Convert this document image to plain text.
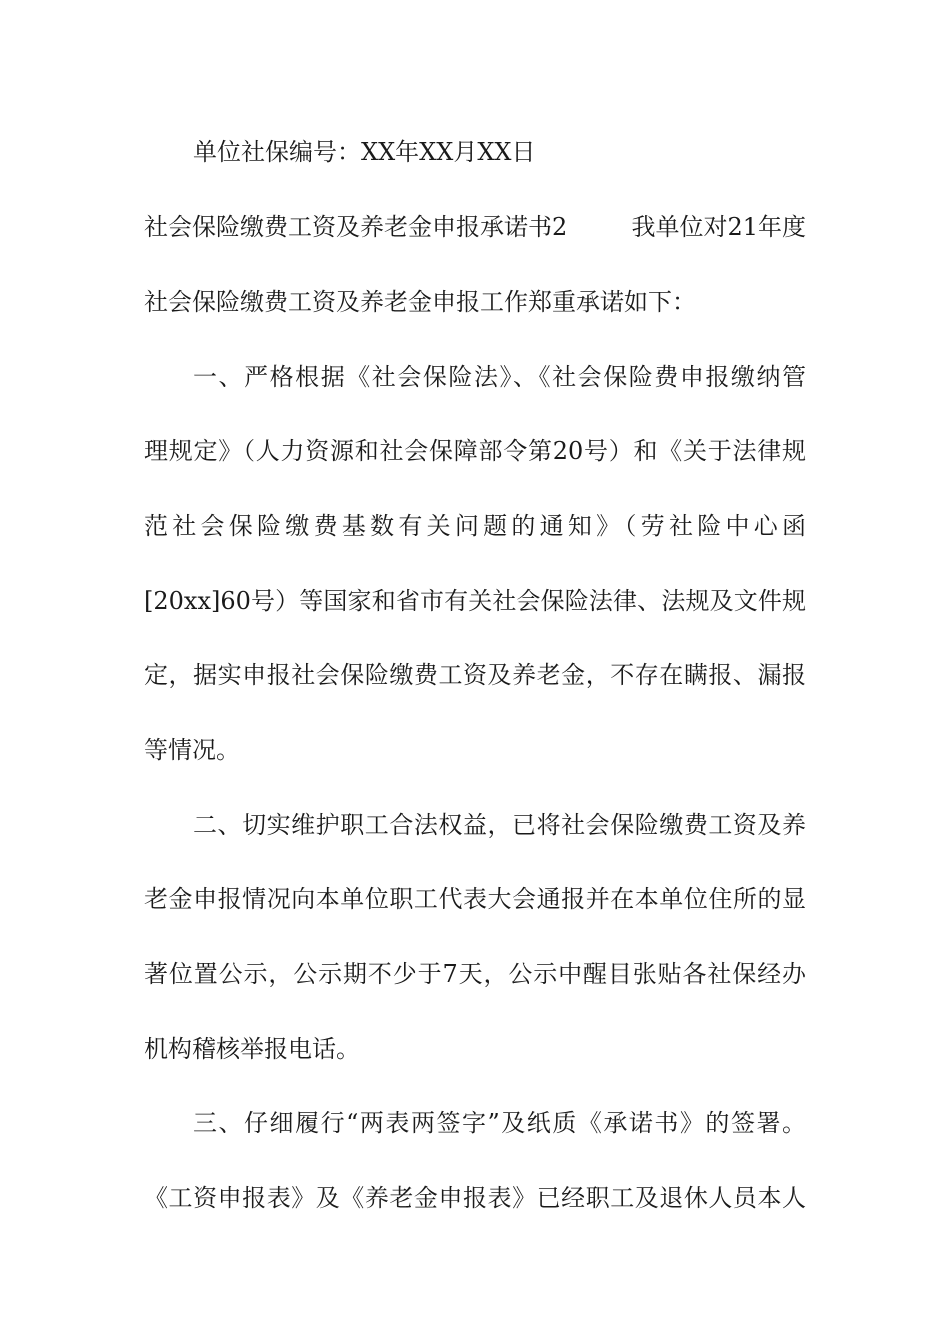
单位社保编号：XX年XX月XX日
社会保险缴费工资及养老金申报承诺书2	我单位对21年度
社会保险缴费工资及养老金申报工作郑重承诺如下：
一、严格根据《社会保险法》、《社会保险费申报缴纳管
理规定》（人力资源和社会保障部令第20号）和《关于法律规
范社会保险缴费基数有关问题的通知》（劳社险中心函
[20xx]60号）等国家和省市有关社会保险法律、法规及文件规
定，据实申报社会保险缴费工资及养老金，不存在瞒报、漏报
等情况。
二、切实维护职工合法权益，已将社会保险缴费工资及养
老金申报情况向本单位职工代表大会通报并在本单位住所的显
著位置公示，公示期不少于7天，公示中醒目张贴各社保经办
机构稽核举报电话。
三、仔细履行“两表两签字”及纸质《承诺书》的签署。
《工资申报表》及《养老金申报表》已经职工及退休人员本人
